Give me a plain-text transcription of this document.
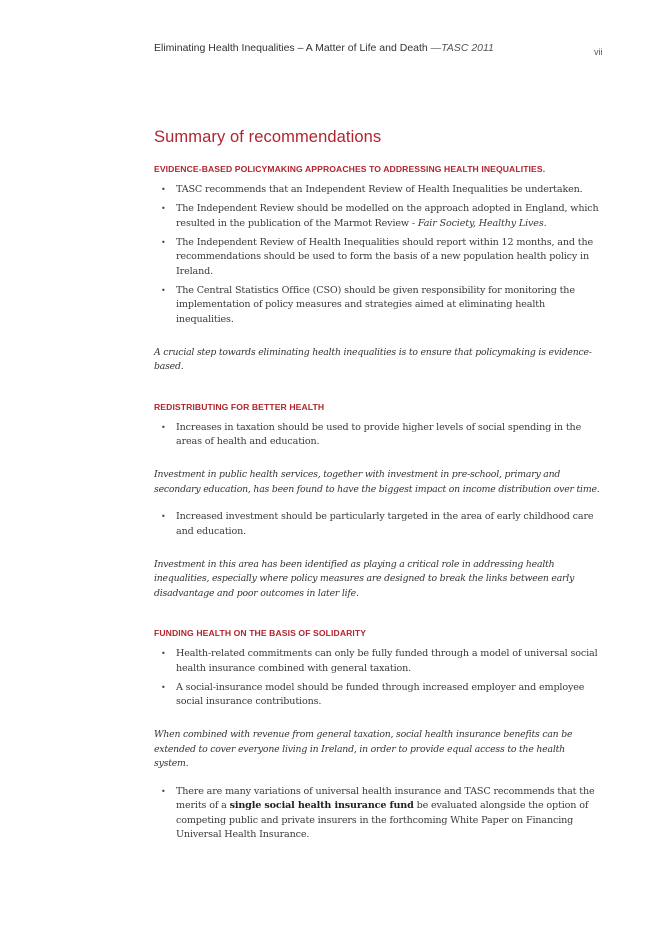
Eliminating Health Inequalities – A Matter of Life and Death —TASC 2011	vii
Summary of recommendations
EVIDENCE-BASED POLICYMAKING APPROACHES TO ADDRESSING HEALTH INEQUALITIES.
• TASC recommends that an Independent Review of Health Inequalities be undertaken.
• The Independent Review should be modelled on the approach adopted in England, which resulted in the publication of the Marmot Review - Fair Society, Healthy Lives.
• The Independent Review of Health Inequalities should report within 12 months, and the recommendations should be used to form the basis of a new population health policy in Ireland.
• The Central Statistics Office (CSO) should be given responsibility for monitoring the implementation of policy measures and strategies aimed at eliminating health inequalities.

A crucial step towards eliminating health inequalities is to ensure that policymaking is evidence-based.

REDISTRIBUTING FOR BETTER HEALTH
• Increases in taxation should be used to provide higher levels of social spending in the areas of health and education.

Investment in public health services, together with investment in pre-school, primary and secondary education, has been found to have the biggest impact on income distribution over time.

• Increased investment should be particularly targeted in the area of early childhood care and education.

Investment in this area has been identified as playing a critical role in addressing health inequalities, especially where policy measures are designed to break the links between early disadvantage and poor outcomes in later life.

FUNDING HEALTH ON THE BASIS OF SOLIDARITY
• Health-related commitments can only be fully funded through a model of universal social health insurance combined with general taxation.
• A social-insurance model should be funded through increased employer and employee social insurance contributions.

When combined with revenue from general taxation, social health insurance benefits can be extended to cover everyone living in Ireland, in order to provide equal access to the health system.

• There are many variations of universal health insurance and TASC recommends that the merits of a single social health insurance fund be evaluated alongside the option of competing public and private insurers in the forthcoming White Paper on Financing Universal Health Insurance.
